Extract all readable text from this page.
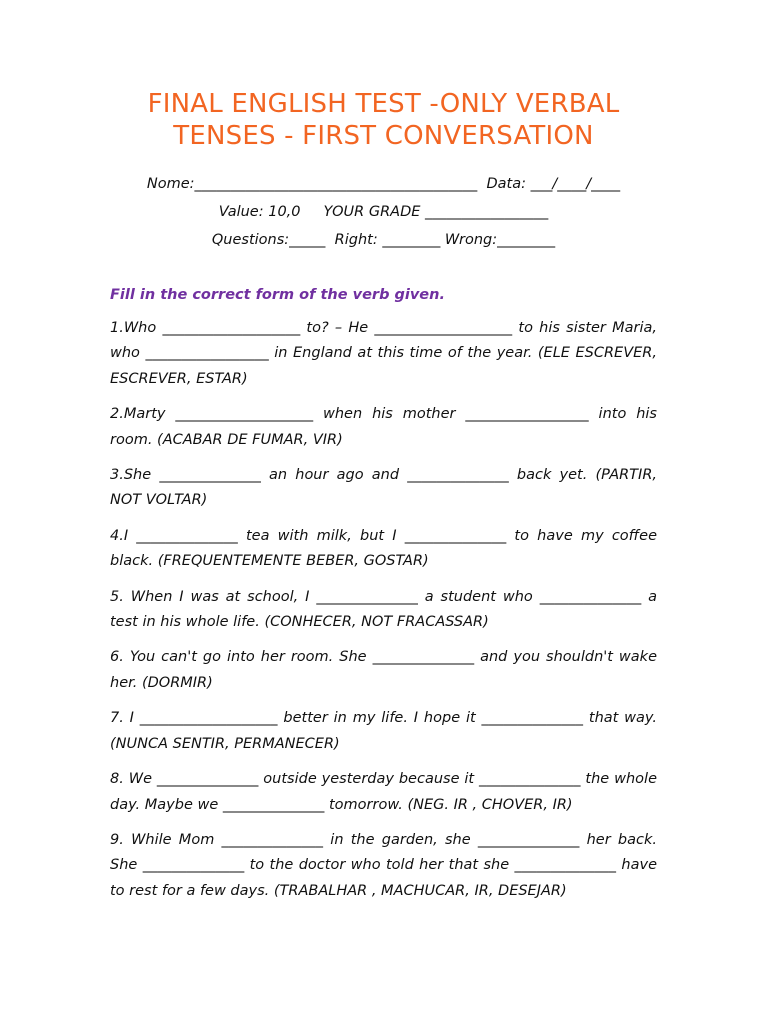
FINAL ENGLISH TEST -ONLY VERBAL
TENSES - FIRST CONVERSATION
Nome:_______________________________________  Data: ___/____/____
Value: 10,0     YOUR GRADE _________________
Questions:_____  Right: ________ Wrong:________
Fill in the correct form of the verb given.

1.Who ___________________ to? – He ___________________ to his sister Maria, who _________________ in England at this time of the year. (ELE ESCREVER, ESCREVER, ESTAR)

2.Marty ___________________ when his mother _________________ into his room. (ACABAR DE FUMAR, VIR)

3.She ______________ an hour ago and ______________ back yet. (PARTIR, NOT VOLTAR)

4.I ______________ tea with milk, but I ______________ to have my coffee black. (FREQUENTEMENTE BEBER, GOSTAR)

5. When I was at school, I ______________ a student who ______________ a test in his whole life. (CONHECER, NOT FRACASSAR)

6. You can't go into her room. She ______________ and you shouldn't wake her. (DORMIR)

7. I ___________________ better in my life. I hope it ______________ that way. (NUNCA SENTIR, PERMANECER)

8. We ______________ outside yesterday because it ______________ the whole day. Maybe we ______________ tomorrow. (NEG. IR , CHOVER, IR)

9. While Mom ______________ in the garden, she ______________ her back. She ______________ to the doctor who told her that she ______________ have to rest for a few days. (TRABALHAR , MACHUCAR, IR, DESEJAR)
